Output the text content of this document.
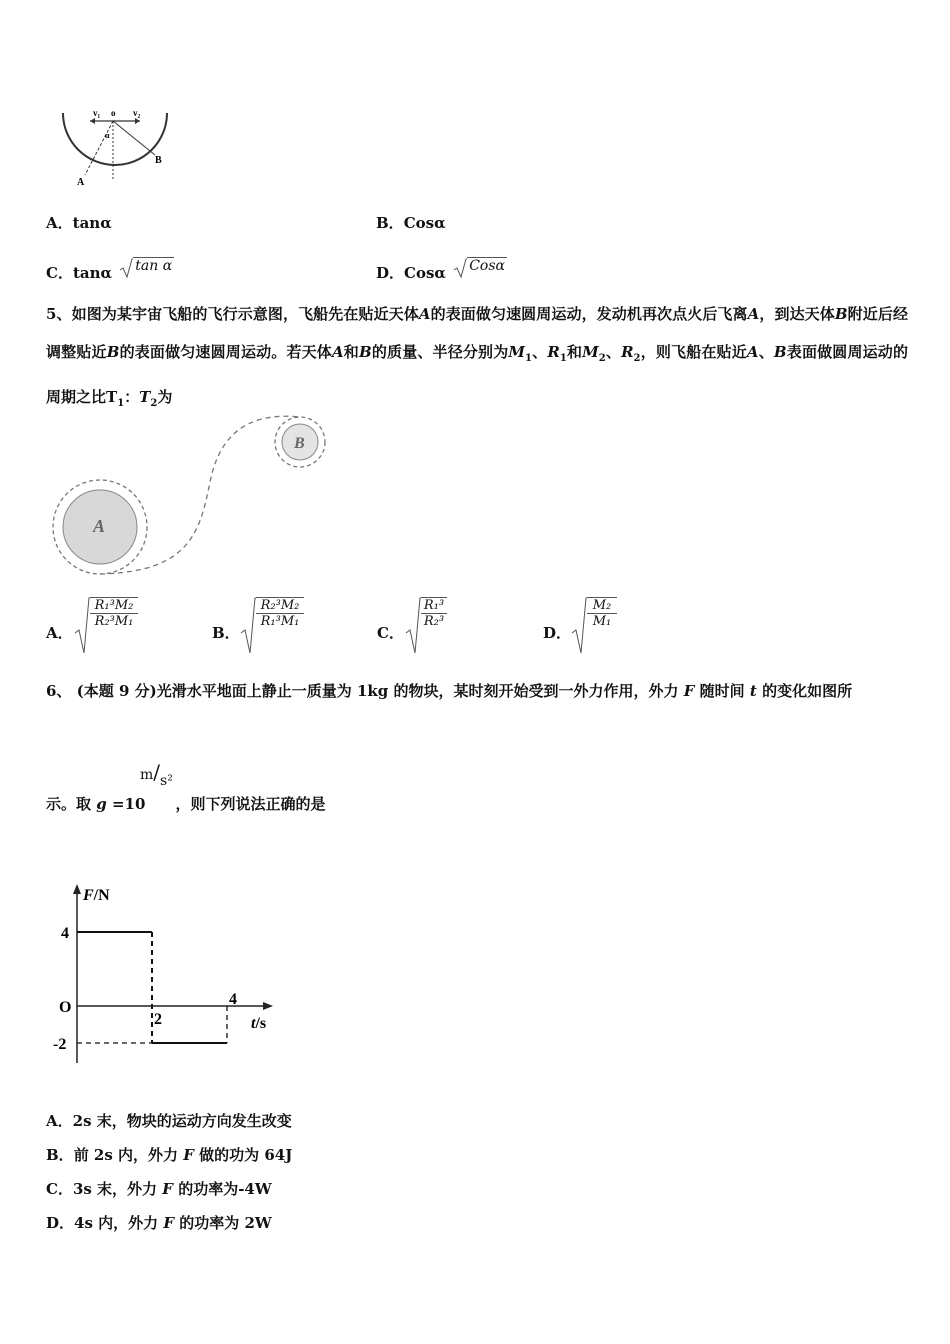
v₁ o v₂
α
A
B
A．tanα	B．Cosα
C．tanα tan α	D．Cosα Cosα
5、如图为某宇宙飞船的飞行示意图，飞船先在贴近天体A的表面做匀速圆周运动，发动机再次点火后飞离A，到达天体B附近后经调整贴近B的表面做匀速圆周运动。若天体A和B的质量、半径分别为$M_1$、$R_1$和$M_2$、$R_2$，则飞船在贴近A、B表面做圆周运动的周期之比$T_1$：$T_2$为
A
B
A．
R₁³M₂
R₂³M₁
B．
R₂³M₂
R₁³M₁
C．
R₁³
R₂³
D．
M₂
M₁
6、 (本题 9 分)光滑水平地面上静止一质量为 1kg 的物块，某时刻开始受到一外力作用，外力 F 随时间 t 的变化如图所
m/s²
示。取 g =10 ，则下列说法正确的是
F/N
t/s
4
O
-2
2
4
A．2s 末，物块的运动方向发生改变
B．前 2s 内，外力 F 做的功为 64J
C．3s 末，外力 F 的功率为-4W
D．4s 内，外力 F 的功率为 2W
